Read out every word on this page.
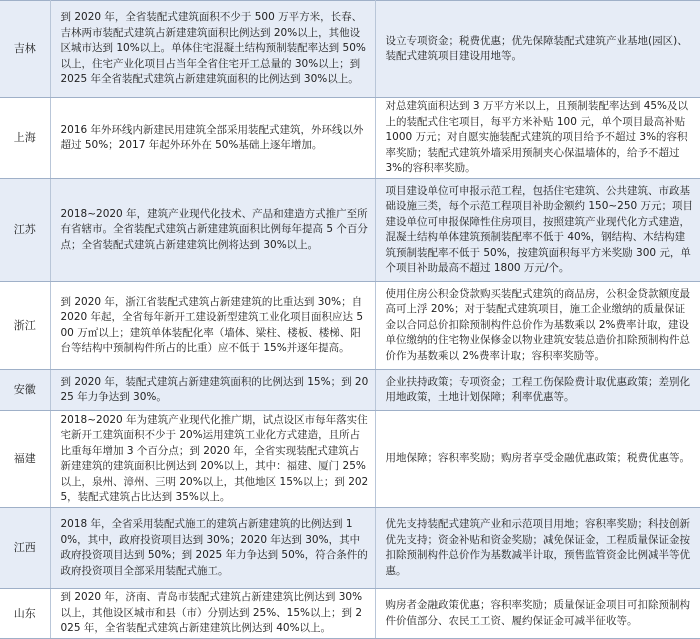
吉林	到 2020 年，全省装配式建筑面积不少于 500 万平方米，长春、吉林两市装配式建筑占新建建筑面积比例达到 20%以上，其他设区城市达到 10%以上。单体住宅混凝土结构预制装配率达到 50%以上，住宅产业化项目占当年全省住宅开工总量的 30%以上；到 2025 年全省装配式建筑占新建建筑面积的比例达到 30%以上。	设立专项资金；税费优惠；优先保障装配式建筑产业基地(园区)、装配式建筑项目建设用地等。
上海	2016 年外环线内新建民用建筑全部采用装配式建筑，外环线以外超过 50%；2017 年起外环外在 50%基础上逐年增加。	对总建筑面积达到 3 万平方米以上，且预制装配率达到 45%及以上的装配式住宅项目，每平方米补贴 100 元，单个项目最高补贴 1000 万元；对自愿实施装配式建筑的项目给予不超过 3%的容积率奖励；装配式建筑外墙采用预制夹心保温墙体的，给予不超过 3%的容积率奖励。
江苏	2018~2020 年，建筑产业现代化技术、产品和建造方式推广至所有省辖市。全省装配式建筑占新建建筑面积比例每年提高 5 个百分点；全省装配式建筑占新建建筑比例将达到 30%以上。	项目建设单位可申报示范工程，包括住宅建筑、公共建筑、市政基础设施三类，每个示范工程项目补助金额约 150~250 万元；项目建设单位可申报保障性住房项目，按照建筑产业现代化方式建造，混凝土结构单体建筑预制装配率不低于 40%，钢结构、木结构建筑预制装配率不低于 50%，按建筑面积每平方米奖励 300 元，单个项目补助最高不超过 1800 万元/个。
浙江	到 2020 年，浙江省装配式建筑占新建建筑的比重达到 30%；自 2020 年起，全省每年新开工建设新型建筑工业化项目面积应达 500 万㎡以上；建筑单体装配化率（墙体、梁柱、楼板、楼梯、阳台等结构中预制构件所占的比重）应不低于 15%并逐年提高。	使用住房公积金贷款购买装配式建筑的商品房，公积金贷款额度最高可上浮 20%；对于装配式建筑项目，施工企业缴纳的质量保证金以合同总价扣除预制构件总价作为基数乘以 2%费率计取，建设单位缴纳的住宅物业保修金以物业建筑安装总造价扣除预制构件总价作为基数乘以 2%费率计取；容积率奖励等。
安徽	到 2020 年，装配式建筑占新建建筑面积的比例达到 15%；到 2025 年力争达到 30%。	企业扶持政策；专项资金；工程工伤保险费计取优惠政策；差别化用地政策，土地计划保障；利率优惠等。
福建	2018~2020 年为建筑产业现代化推广期，试点设区市每年落实住宅新开工建筑面积不少于 20%运用建筑工业化方式建造，且所占比重每年增加 3 个百分点；到 2020 年，全省实现装配式建筑占新建建筑的建筑面积比例达到 20%以上，其中：福建、厦门 25%以上，泉州、漳州、三明 20%以上，其他地区 15%以上；到 2025，装配式建筑占比达到 35%以上。	用地保障；容积率奖励；购房者享受金融优惠政策；税费优惠等。
江西	2018 年，全省采用装配式施工的建筑占新建建筑的比例达到 10%，其中，政府投资项目达到 30%；2020 年达到 30%，其中政府投资项目达到 50%；到 2025 年力争达到 50%，符合条件的政府投资项目全部采用装配式施工。	优先支持装配式建筑产业和示范项目用地；容积率奖励；科技创新优先支持；资金补贴和资金奖励；减免保证金，工程质量保证金按扣除预制构件总价作为基数减半计取，预售监管资金比例减半等优惠。
山东	到 2020 年，济南、青岛市装配式建筑占新建建筑比例达到 30%以上，其他设区城市和县（市）分别达到 25%、15%以上；到 2025 年，全省装配式建筑占新建建筑比例达到 40%以上。	购房者金融政策优惠；容积率奖励；质量保证金项目可扣除预制构件价值部分、农民工工资、履约保证金可减半征收等。
